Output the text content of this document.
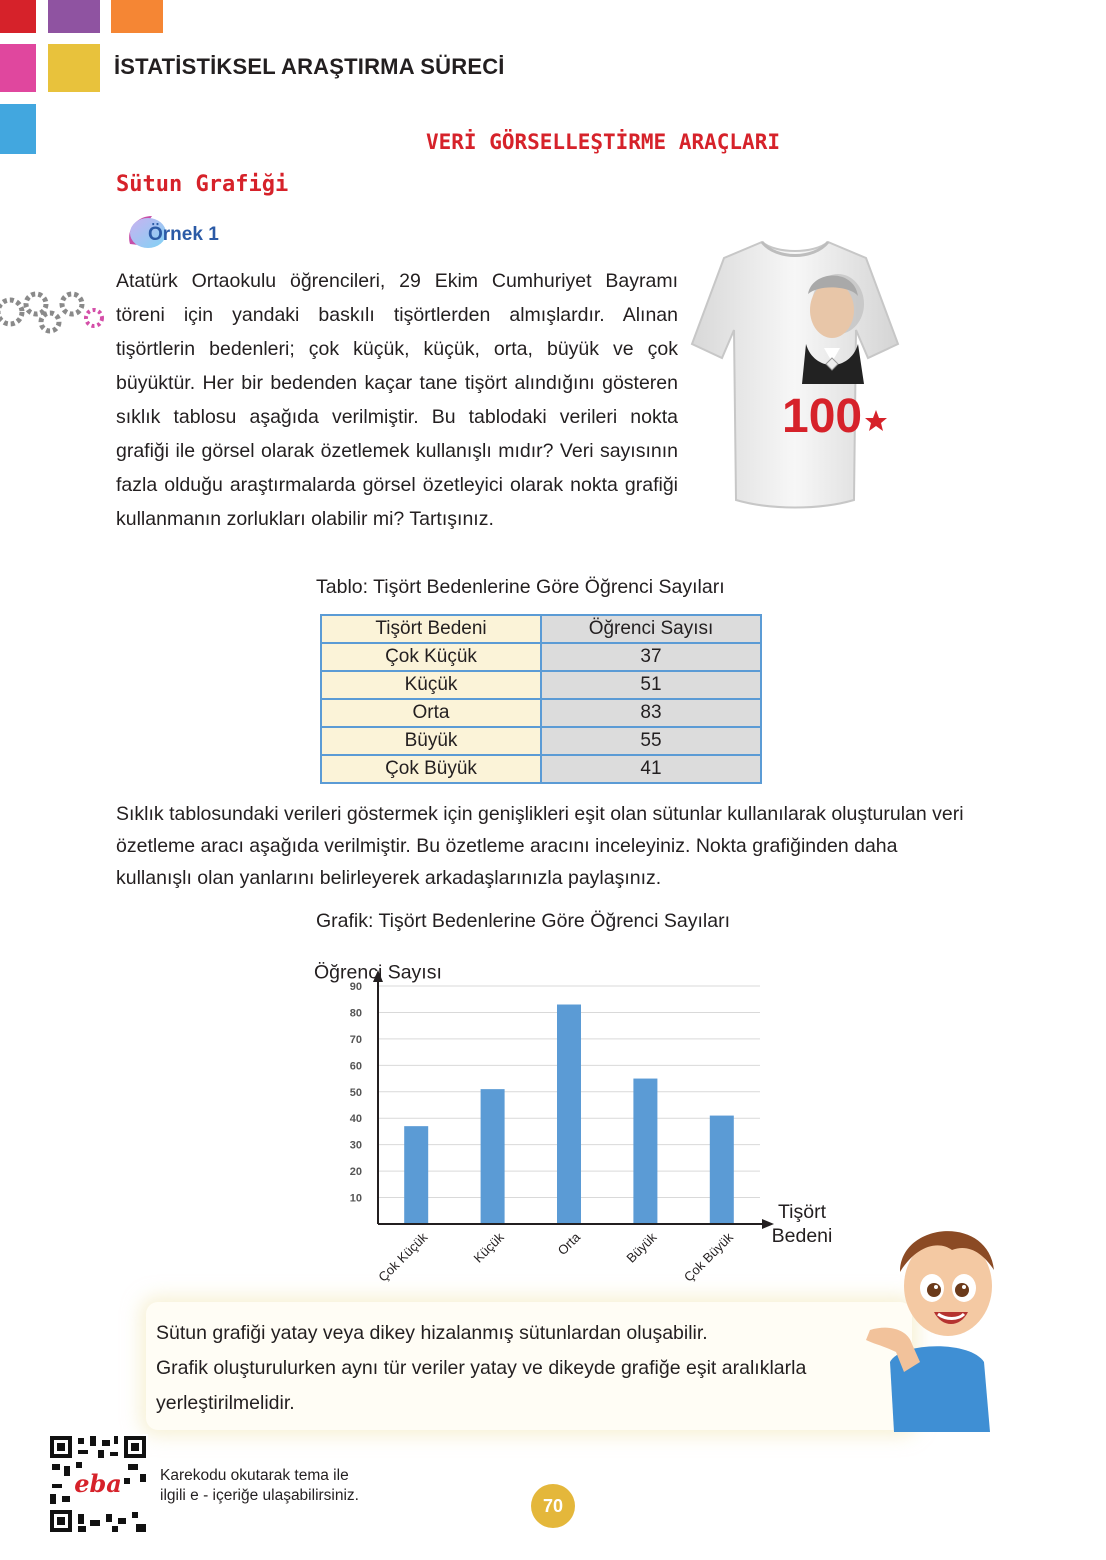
İSTATİSTİKSEL ARAŞTIRMA SÜRECİ
VERİ GÖRSELLEŞTİRME ARAÇLARI
Sütun Grafiği
Örnek 1
Atatürk Ortaokulu öğrencileri, 29 Ekim Cumhuriyet Bayramı töreni için yandaki baskılı tişörtlerden almışlardır. Alınan tişörtlerin bedenleri; çok küçük, küçük, orta, büyük ve çok büyüktür. Her bir bedenden kaçar tane tişört alındığını gösteren sıklık tablosu aşağıda verilmiştir. Bu tablodaki verileri nokta grafiği ile görsel olarak özetlemek kullanışlı mıdır? Veri sayısının fazla olduğu araştırmalarda görsel özetleyici olarak nokta grafiği kullanmanın zorlukları olabilir mi? Tartışınız.
100
Tablo: Tişört Bedenlerine Göre Öğrenci Sayıları
Tişört Bedeni	Öğrenci Sayısı
Çok Küçük	37
Küçük	51
Orta	83
Büyük	55
Çok Büyük	41
Sıklık tablosundaki verileri göstermek için genişlikleri eşit olan sütunlar kullanılarak oluşturulan veri özetleme aracı aşağıda verilmiştir. Bu özetleme aracını inceleyiniz. Nokta grafiğinden daha kullanışlı olan yanlarını belirleyerek arkadaşlarınızla paylaşınız.
Grafik: Tişört Bedenlerine Göre Öğrenci Sayıları
10
20
30
40
50
60
70
80
90
Çok Küçük	Küçük	Orta	Büyük Çok Büyük
Öğrenci Sayısı
Tişört
Bedeni
Sütun grafiği yatay veya dikey hizalanmış sütunlardan oluşabilir.
Grafik oluşturulurken aynı tür veriler yatay ve dikeyde grafiğe eşit aralıklarla
yerleştirilmelidir.
eba Karekodu okutarak tema ile
ilgili e - içeriğe ulaşabilirsiniz.
70
